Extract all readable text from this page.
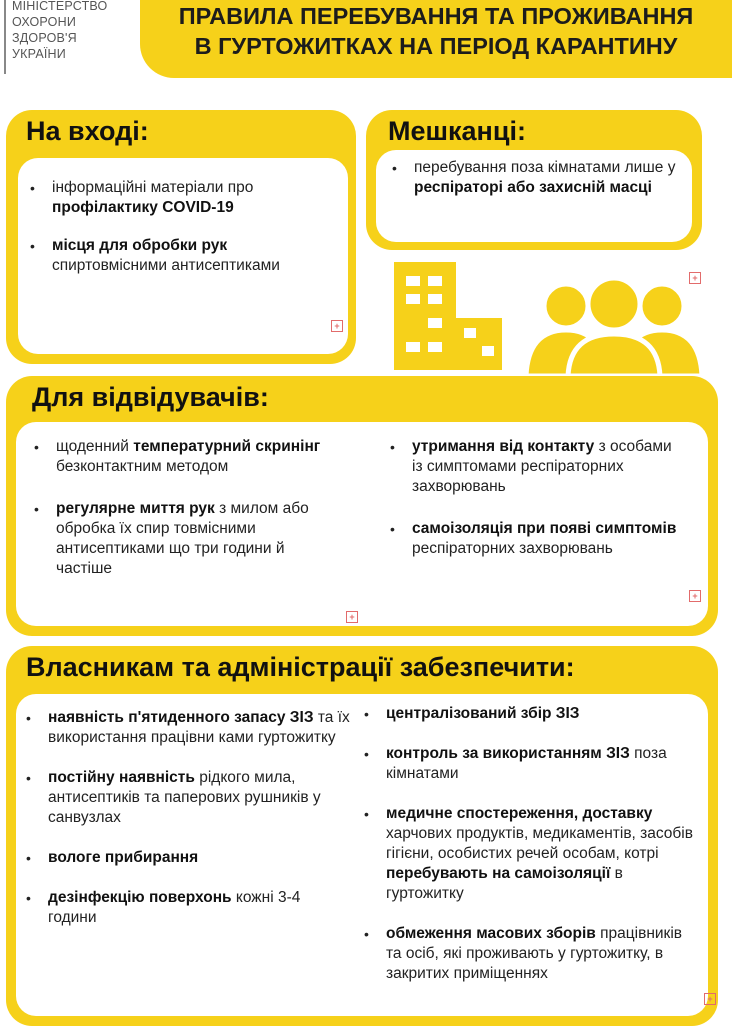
МІНІСТЕРСТВО
ОХОРОНИ
ЗДОРОВ'Я
УКРАЇНИ
ПРАВИЛА ПЕРЕБУВАННЯ ТА ПРОЖИВАННЯ
В ГУРТОЖИТКАХ НА ПЕРІОД КАРАНТИНУ
На вході:
• інформаційні матеріали про профілактику COVID-19
• місця для обробки рук спиртовмісними антисептиками
+
Мешканці:
• перебування поза кімнатами лише у респіраторі або захисній масці
+
Для відвідувачів:
• щоденний температурний скринінг безконтактним методом
• регулярне миття рук з милом або обробка їх спир товмісними антисептиками що три години й частіше
• утримання від контакту з особами із симптомами респіраторних захворювань
• самоізоляція при появі симптомів респіраторних захворювань
+
+
Власникам та адміністрації забезпечити:
• наявність п'ятиденного запасу ЗІЗ та їх використання працівни ками гуртожитку
• постійну наявність рідкого мила, антисептиків та паперових рушників у санвузлах
• вологе прибирання
• дезінфекцію поверхонь кожні 3-4 години
• централізований збір ЗІЗ
• контроль за використанням ЗІЗ поза кімнатами
• медичне спостереження, доставку харчових продуктів, медикаментів, засобів гігієни, особистих речей особам, котрі перебувають на самоізоляції в гуртожитку
• обмеження масових зборів працівників та осіб, які проживають у гуртожитку, в закритих приміщеннях
+
